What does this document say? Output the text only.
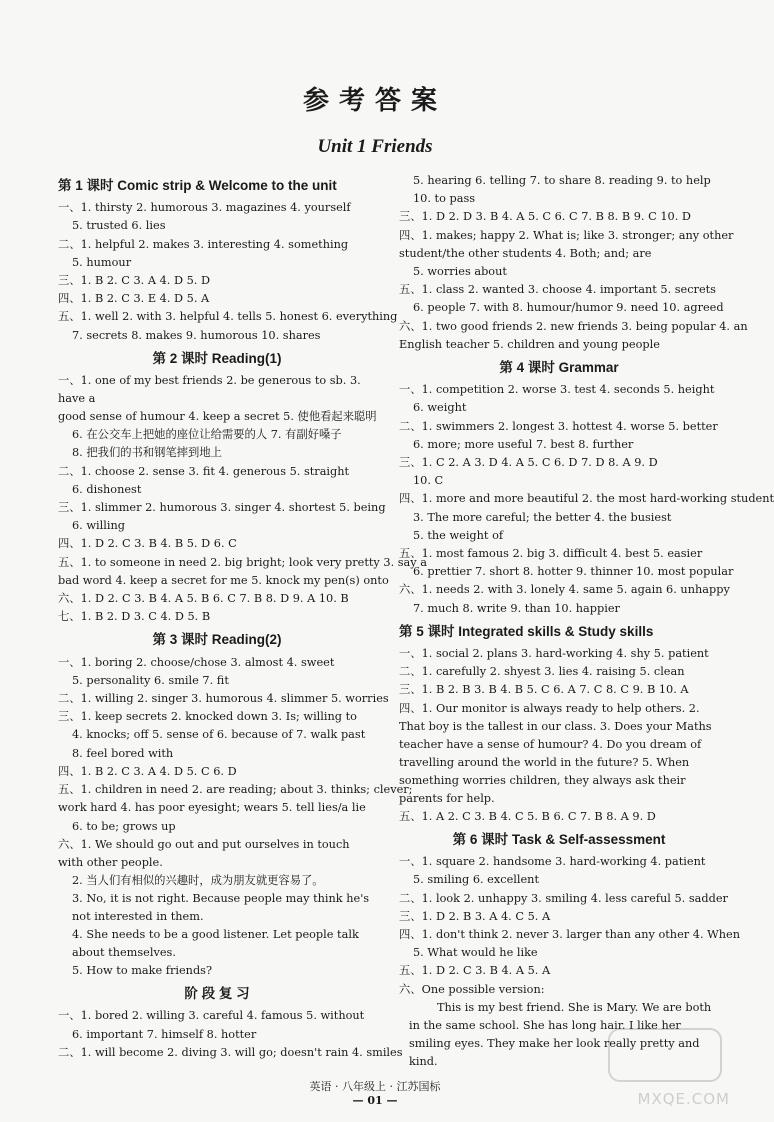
参考答案
Unit 1 Friends
第 1 课时 Comic strip & Welcome to the unit
一、1. thirsty 2. humorous 3. magazines 4. yourself
5. trusted 6. lies
二、1. helpful 2. makes 3. interesting 4. something
5. humour
三、1. B 2. C 3. A 4. D 5. D
四、1. B 2. C 3. E 4. D 5. A
五、1. well 2. with 3. helpful 4. tells 5. honest 6. everything
7. secrets 8. makes 9. humorous 10. shares
第 2 课时 Reading(1)
一、1. one of my best friends 2. be generous to sb. 3. have a
good sense of humour 4. keep a secret 5. 使他看起来聪明
6. 在公交车上把她的座位让给需要的人 7. 有副好嗓子
8. 把我们的书和钢笔摔到地上
二、1. choose 2. sense 3. fit 4. generous 5. straight
6. dishonest
三、1. slimmer 2. humorous 3. singer 4. shortest 5. being
6. willing
四、1. D 2. C 3. B 4. B 5. D 6. C
五、1. to someone in need 2. big bright; look very pretty 3. say a
bad word 4. keep a secret for me 5. knock my pen(s) onto
六、1. D 2. C 3. B 4. A 5. B 6. C 7. B 8. D 9. A 10. B
七、1. B 2. D 3. C 4. D 5. B
第 3 课时 Reading(2)
一、1. boring 2. choose/chose 3. almost 4. sweet
5. personality 6. smile 7. fit
二、1. willing 2. singer 3. humorous 4. slimmer 5. worries
三、1. keep secrets 2. knocked down 3. Is; willing to
4. knocks; off 5. sense of 6. because of 7. walk past
8. feel bored with
四、1. B 2. C 3. A 4. D 5. C 6. D
五、1. children in need 2. are reading; about 3. thinks; clever;
work hard 4. has poor eyesight; wears 5. tell lies/a lie
6. to be; grows up
六、1. We should go out and put ourselves in touch with other people.
2. 当人们有相似的兴趣时，成为朋友就更容易了。
3. No, it is not right. Because people may think he's not interested in them.
4. She needs to be a good listener. Let people talk about themselves.
5. How to make friends?
阶 段 复 习
一、1. bored 2. willing 3. careful 4. famous 5. without
6. important 7. himself 8. hotter
二、1. will become 2. diving 3. will go; doesn't rain 4. smiles
5. hearing 6. telling 7. to share 8. reading 9. to help
10. to pass
三、1. D 2. D 3. B 4. A 5. C 6. C 7. B 8. B 9. C 10. D
四、1. makes; happy 2. What is; like 3. stronger; any other
student/the other students 4. Both; and; are
5. worries about
五、1. class 2. wanted 3. choose 4. important 5. secrets
6. people 7. with 8. humour/humor 9. need 10. agreed
六、1. two good friends 2. new friends 3. being popular 4. an
English teacher 5. children and young people
第 4 课时 Grammar
一、1. competition 2. worse 3. test 4. seconds 5. height
6. weight
二、1. swimmers 2. longest 3. hottest 4. worse 5. better
6. more; more useful 7. best 8. further
三、1. C 2. A 3. D 4. A 5. C 6. D 7. D 8. A 9. D
10. C
四、1. more and more beautiful 2. the most hard-working student
3. The more careful; the better 4. the busiest
5. the weight of
五、1. most famous 2. big 3. difficult 4. best 5. easier
6. prettier 7. short 8. hotter 9. thinner 10. most popular
六、1. needs 2. with 3. lonely 4. same 5. again 6. unhappy
7. much 8. write 9. than 10. happier
第 5 课时 Integrated skills & Study skills
一、1. social 2. plans 3. hard-working 4. shy 5. patient
二、1. carefully 2. shyest 3. lies 4. raising 5. clean
三、1. B 2. B 3. B 4. B 5. C 6. A 7. C 8. C 9. B 10. A
四、1. Our monitor is always ready to help others. 2. That boy is the tallest in our class. 3. Does your Maths teacher have a sense of humour? 4. Do you dream of travelling around the world in the future? 5. When something worries children, they always ask their parents for help.
五、1. A 2. C 3. B 4. C 5. B 6. C 7. B 8. A 9. D
第 6 课时 Task & Self-assessment
一、1. square 2. handsome 3. hard-working 4. patient
5. smiling 6. excellent
二、1. look 2. unhappy 3. smiling 4. less careful 5. sadder
三、1. D 2. B 3. A 4. C 5. A
四、1. don't think 2. never 3. larger than any other 4. When
5. What would he like
五、1. D 2. C 3. B 4. A 5. A
六、One possible version:
This is my best friend. She is Mary. We are both in the same school. She has long hair. I like her smiling eyes. They make her look really pretty and kind.
英语 · 八年级上 · 江苏国标
— 01 —	MXQE.COM
